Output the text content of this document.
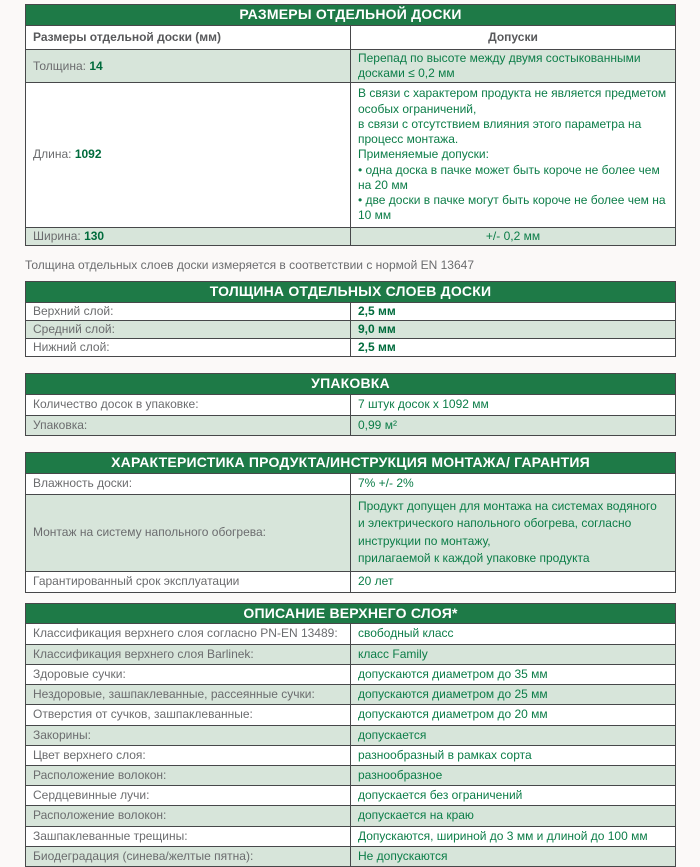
РАЗМЕРЫ ОТДЕЛЬНОЙ ДОСКИ	
Размеры отдельной доски (мм)	Допуски
Толщина: 14	Перепад по высоте между двумя состыкованными досками ≤ 0,2 мм
Длина: 1092	В связи с характером продукта не является предметом особых ограничений,
в связи с отсутствием влияния этого параметра на процесс монтажа.
Применяемые допуски:
• одна доска в пачке может быть короче не более чем на 20 мм
• две доски в пачке могут быть короче не более чем на 10 мм

Ширина: 130	+/- 0,2 мм
Толщина отдельных слоев доски измеряется в соответствии с нормой EN 13647
ТОЛЩИНА ОТДЕЛЬНЫХ СЛОЕВ ДОСКИ	
Верхний слой:	2,5 мм
Средний слой:	9,0 мм
Нижний слой:	2,5 мм
УПАКОВКА	
Количество досок в упаковке:	7 штук досок x 1092 мм
Упаковка:	0,99 м²
ХАРАКТЕРИСТИКА ПРОДУКТА/ИНСТРУКЦИЯ МОНТАЖА/ ГАРАНТИЯ	
Влажность доски:	7% +/- 2%
Монтаж на систему напольного обогрева:	Продукт допущен для монтажа на системах водяного
и электрического напольного обогрева, согласно инструкции по монтажу,
прилагаемой к каждой упаковке продукта

Гарантированный срок эксплуатации	20 лет
ОПИСАНИЕ ВЕРХНЕГО СЛОЯ*	
Классификация верхнего слоя согласно PN-EN 13489:	свободный класс
Классификация верхнего слоя Barlinek:	класс Family
Здоровые сучки:	допускаются диаметром до 35 мм
Нездоровые, зашпаклеванные, рассеянные сучки:	допускаются диаметром до 25 мм
Отверстия от сучков, зашпаклеванные:	допускаются диаметром до 20 мм
Закорины:	допускается
Цвет верхнего слоя:	разнообразный в рамках сорта
Расположение волокон:	разнообразное
Сердцевинные лучи:	допускается без ограничений
Расположение волокон:	допускается на краю
Зашпаклеванные трещины:	Допускаются, шириной до 3 мм и длиной до 100 мм
Биодеградация (синева/желтые пятна):	Не допускаются
